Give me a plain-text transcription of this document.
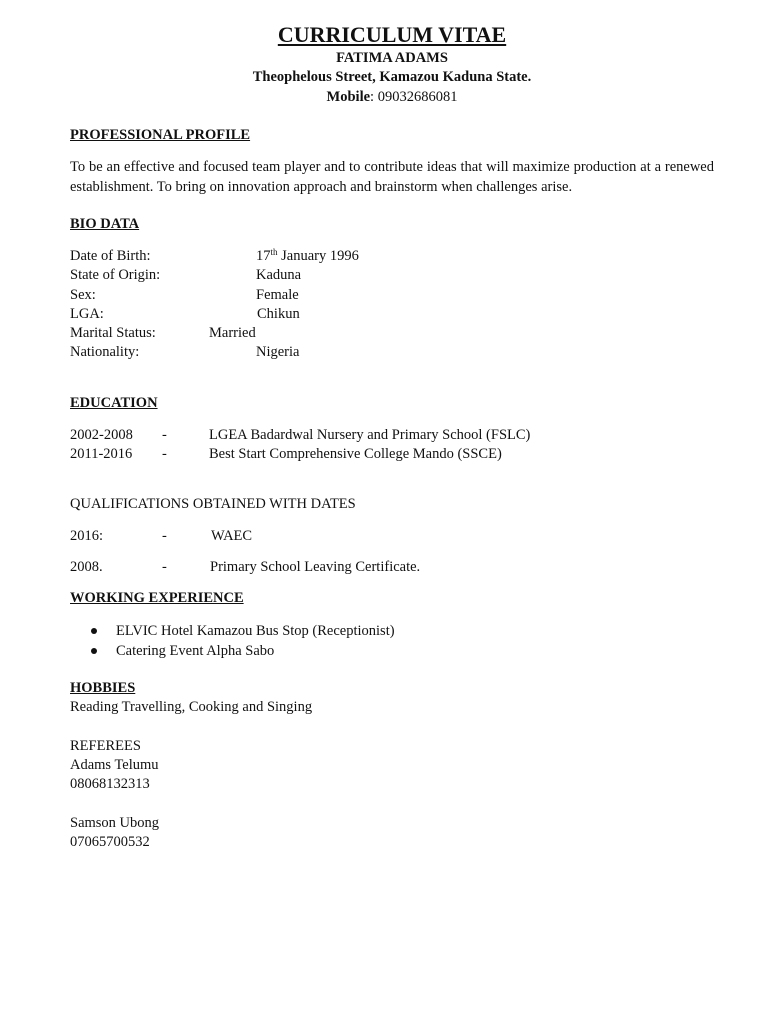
CURRICULUM VITAE
FATIMA ADAMS
Theophelous Street, Kamazou Kaduna State.
Mobile: 09032686081
PROFESSIONAL PROFILE
To be an effective and focused team player and to contribute ideas that will maximize production at a renewed establishment. To bring on innovation approach and brainstorm when challenges arise.
BIO DATA
Date of Birth:	17th January 1996
State of Origin:	Kaduna
Sex:	Female
LGA:	Chikun
Marital Status:	Married
Nationality:	Nigeria
EDUCATION
2002-2008 -	LGEA Badardwal Nursery and Primary School (FSLC)
2011-2016 -	Best Start Comprehensive College Mando (SSCE)
QUALIFICATIONS OBTAINED WITH DATES
2016:	-	WAEC
2008.	-	Primary School Leaving Certificate.
WORKING EXPERIENCE
ELVIC Hotel Kamazou Bus Stop (Receptionist)
Catering Event Alpha Sabo
HOBBIES
Reading Travelling, Cooking and Singing
REFEREES
Adams Telumu
08068132313
Samson Ubong
07065700532
